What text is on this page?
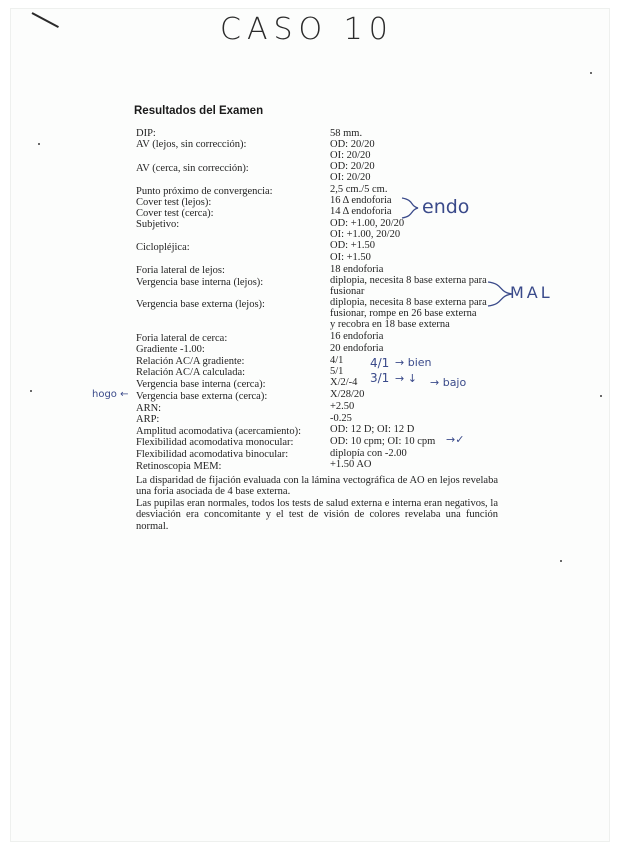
CASO 10
Resultados del Examen
DIP:	58 mm.
AV (lejos, sin corrección):	OD: 20/20
OI: 20/20
AV (cerca, sin corrección):	OD: 20/20
OI: 20/20
Punto próximo de convergencia:	2,5 cm./5 cm.
Cover test (lejos):	16 Δ endoforia
Cover test (cerca):	14 Δ endoforia
Subjetivo:	OD: +1.00, 20/20
OI: +1.00, 20/20
Ciclopléjica:	OD: +1.50
OI: +1.50
Foria lateral de lejos:	18 endoforia
Vergencia base interna (lejos):	diplopia, necesita 8 base externa para
fusionar
Vergencia base externa (lejos):	diplopia, necesita 8 base externa para
fusionar, rompe en 26 base externa
y recobra en 18 base externa
Foria lateral de cerca:	16 endoforia
Gradiente -1.00:	20 endoforia
Relación AC/A gradiente:	4/1
Relación AC/A calculada:	5/1
Vergencia base interna (cerca):	X/2/-4
Vergencia base externa (cerca):	X/28/20
ARN:	+2.50
ARP:	-0.25
Amplitud acomodativa (acercamiento):	OD: 12 D; OI: 12 D
Flexibilidad acomodativa monocular:	OD: 10 cpm; OI: 10 cpm
Flexibilidad acomodativa binocular:	diplopía con -2.00
Retinoscopia MEM:	+1.50 AO

La disparidad de fijación evaluada con la lámina vectográfica de AO en lejos revelaba una foria asociada de 4 base externa.

Las pupilas eran normales, todos los tests de salud externa e interna eran negativos, la desviación era concomitante y el test de visión de colores revelaba una función normal.

endo
MAL
4/1 → bien
3/1 → ↓ → bajo
hogo ←
→✓
